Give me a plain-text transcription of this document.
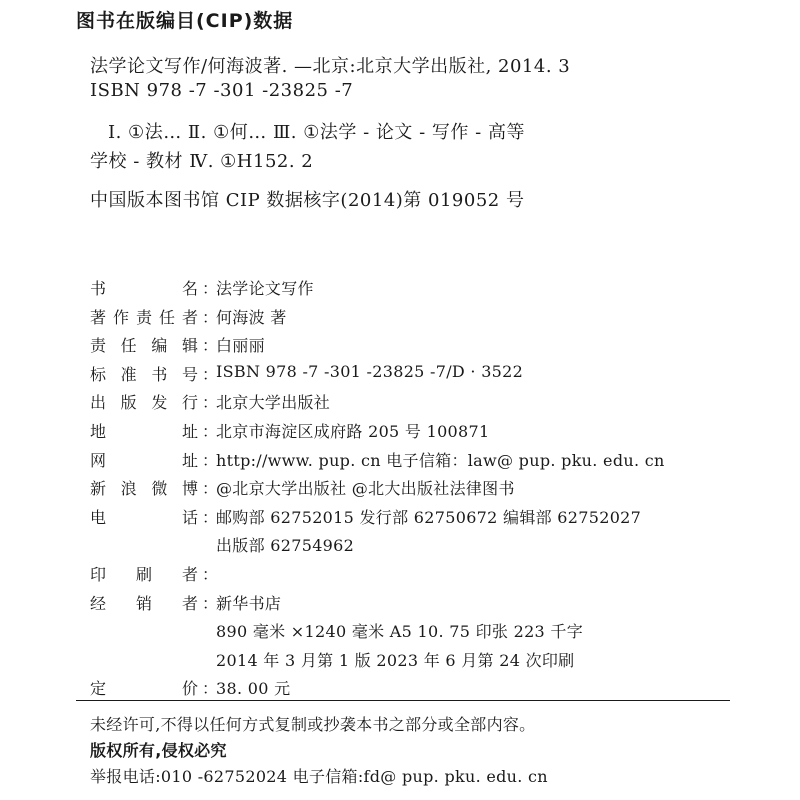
图书在版编目(CIP)数据
法学论文写作/何海波著. —北京:北京大学出版社, 2014. 3
ISBN 978 -7 -301 -23825 -7
Ⅰ. ①法… Ⅱ. ①何… Ⅲ. ①法学 - 论文 - 写作 - 高等
学校 - 教材 Ⅳ. ①H152. 2
中国版本图书馆 CIP 数据核字(2014)第 019052 号
书	名 ：
法学论文写作
著 作 责 任 者 ：
何海波 著
责 任 编 辑 ：
白丽丽
标 准 书 号 ：
ISBN 978 -7 -301 -23825 -7/D · 3522
出 版 发 行 ：
北京大学出版社
地	址 ：
北京市海淀区成府路 205 号 100871
网	址 ：
http://www. pup. cn 电子信箱：law@ pup. pku. edu. cn
新 浪 微 博 ：
@北京大学出版社 @北大出版社法律图书
电	话 ：
邮购部 62752015 发行部 62750672 编辑部 62752027
出版部 62754962
印 刷 者 ：
经 销 者 ：
新华书店
890 毫米 ×1240 毫米 A5 10. 75 印张 223 千字
2014 年 3 月第 1 版 2023 年 6 月第 24 次印刷
定	价 ：
38. 00 元
未经许可,不得以任何方式复制或抄袭本书之部分或全部内容。
版权所有,侵权必究
举报电话:010 -62752024 电子信箱:fd@ pup. pku. edu. cn
